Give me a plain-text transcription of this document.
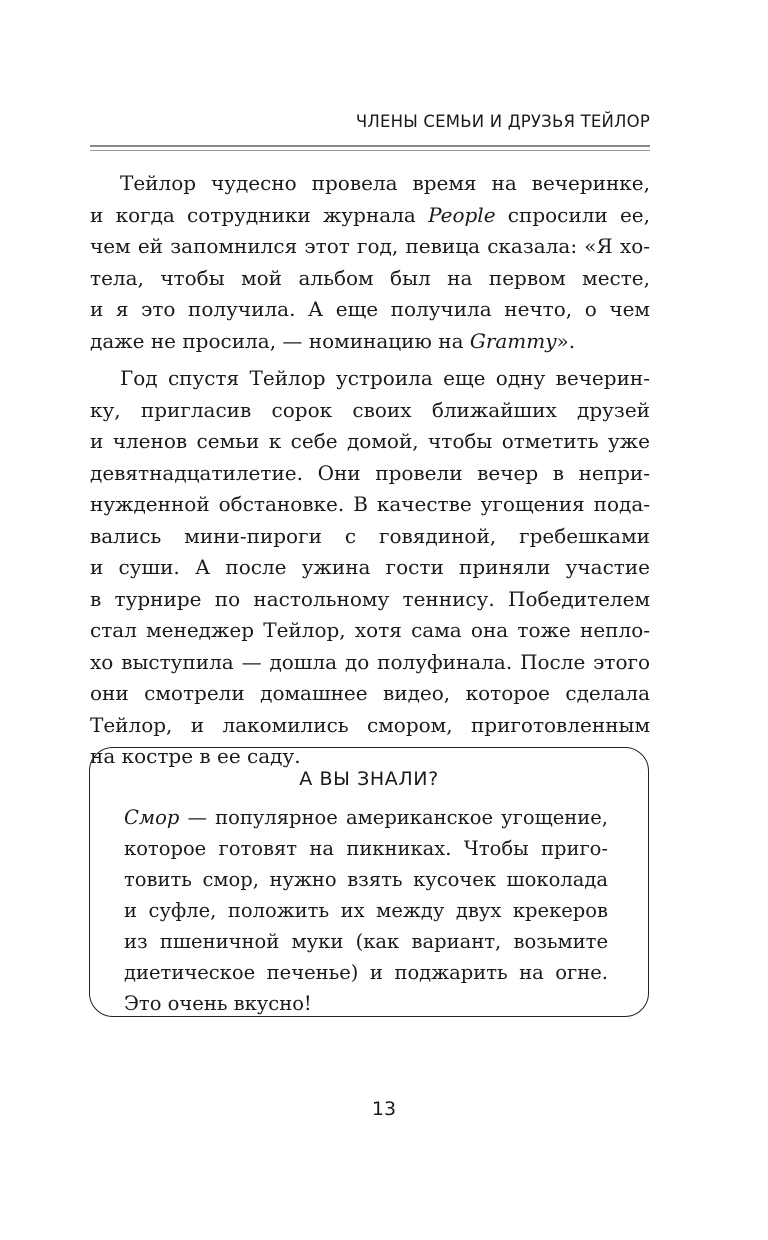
ЧЛЕНЫ СЕМЬИ И ДРУЗЬЯ ТЕЙЛОР
Тейлор чудесно провела время на вечеринке,
и когда сотрудники журнала People спросили ее,
чем ей запомнился этот год, певица сказала: «Я хо-
тела, чтобы мой альбом был на первом месте,
и я это получила. А еще получила нечто, о чем
даже не просила, — номинацию на Grammy».
Год спустя Тейлор устроила еще одну вечерин-
ку, пригласив сорок своих ближайших друзей
и членов семьи к себе домой, чтобы отметить уже
девятнадцатилетие. Они провели вечер в непри-
нужденной обстановке. В качестве угощения пода-
вались мини-пироги с говядиной, гребешками
и суши. А после ужина гости приняли участие
в турнире по настольному теннису. Победителем
стал менеджер Тейлор, хотя сама она тоже непло-
хо выступила — дошла до полуфинала. После этого
они смотрели домашнее видео, которое сделала
Тейлор, и лакомились смором, приготовленным
на костре в ее саду.
А ВЫ ЗНАЛИ?
Смор — популярное американское угощение,
которое готовят на пикниках. Чтобы приго-
товить смор, нужно взять кусочек шоколада
и суфле, положить их между двух крекеров
из пшеничной муки (как вариант, возьмите
диетическое печенье) и поджарить на огне.
Это очень вкусно!
13
